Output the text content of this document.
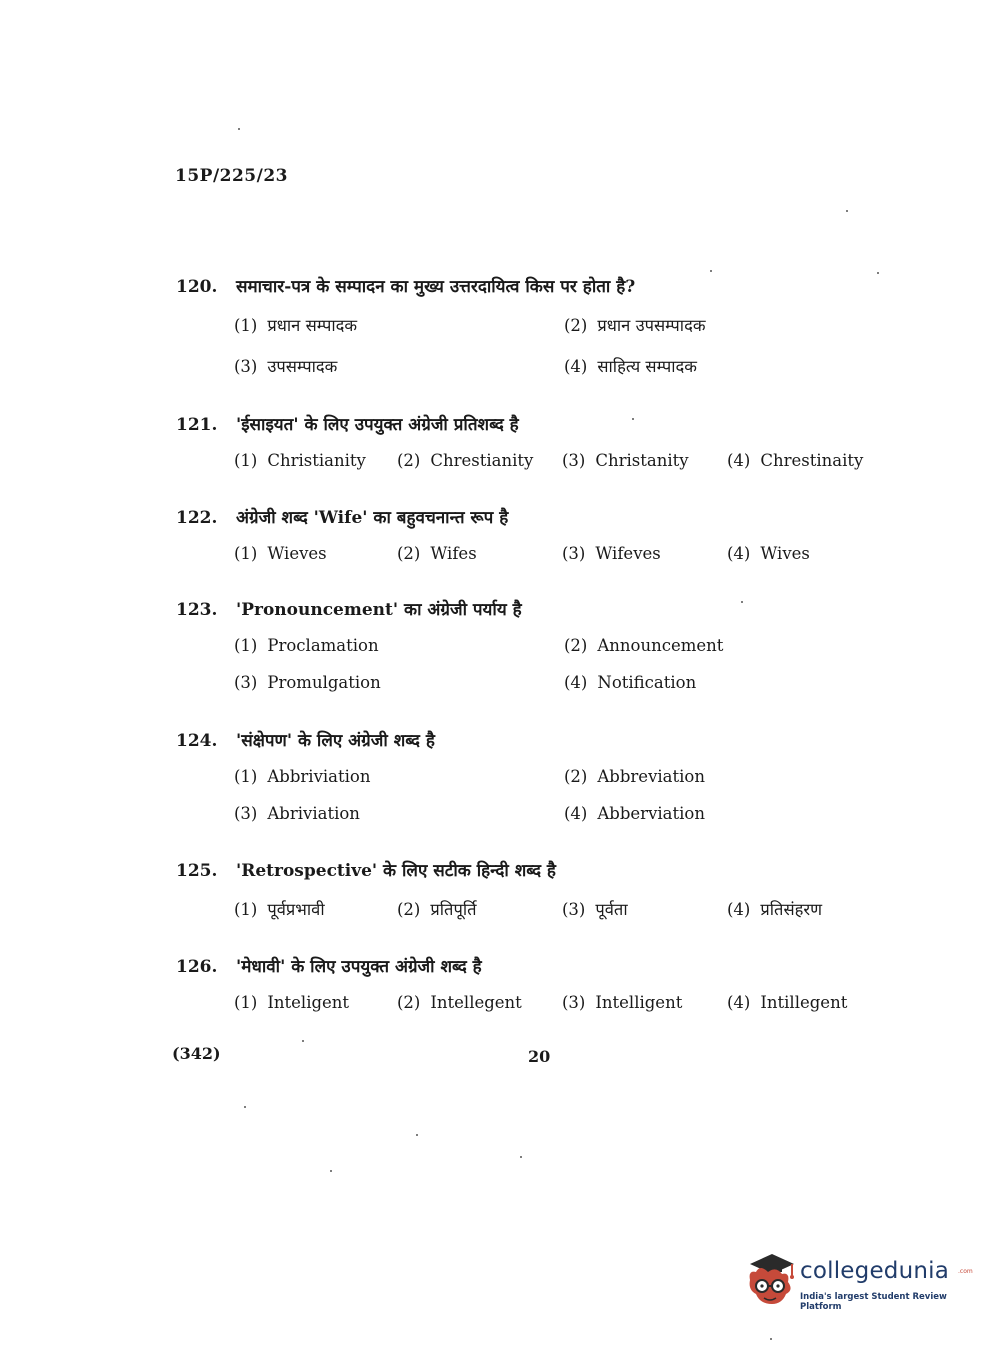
15P/225/23
120.	समाचार-पत्र के सम्पादन का मुख्य उत्तरदायित्व किस पर होता है?
(1) प्रधान सम्पादक	(2) प्रधान उपसम्पादक
(3) उपसम्पादक	(4) साहित्य सम्पादक
121.	'ईसाइयत' के लिए उपयुक्त अंग्रेजी प्रतिशब्द है
(1) Christianity (2) Chrestianity (3) Christanity (4) Chrestinaity
122.	अंग्रेजी शब्द 'Wife' का बहुवचनान्त रूप है
(1) Wieves	(2) Wifes	(3) Wifeves	(4) Wives
123.	'Pronouncement' का अंग्रेजी पर्याय है
(1) Proclamation	(2) Announcement
(3) Promulgation	(4) Notification
124.	'संक्षेपण' के लिए अंग्रेजी शब्द है
(1) Abbriviation	(2) Abbreviation
(3) Abriviation	(4) Abberviation
125.	'Retrospective' के लिए सटीक हिन्दी शब्द है
(1) पूर्वप्रभावी	(2) प्रतिपूर्ति	(3) पूर्वता	(4) प्रतिसंहरण
126.	'मेधावी' के लिए उपयुक्त अंग्रेजी शब्द है
(1) Inteligent	(2) Intellegent (3) Intelligent	(4) Intillegent
(342)	20
collegedunia .com
India's largest Student Review Platform
